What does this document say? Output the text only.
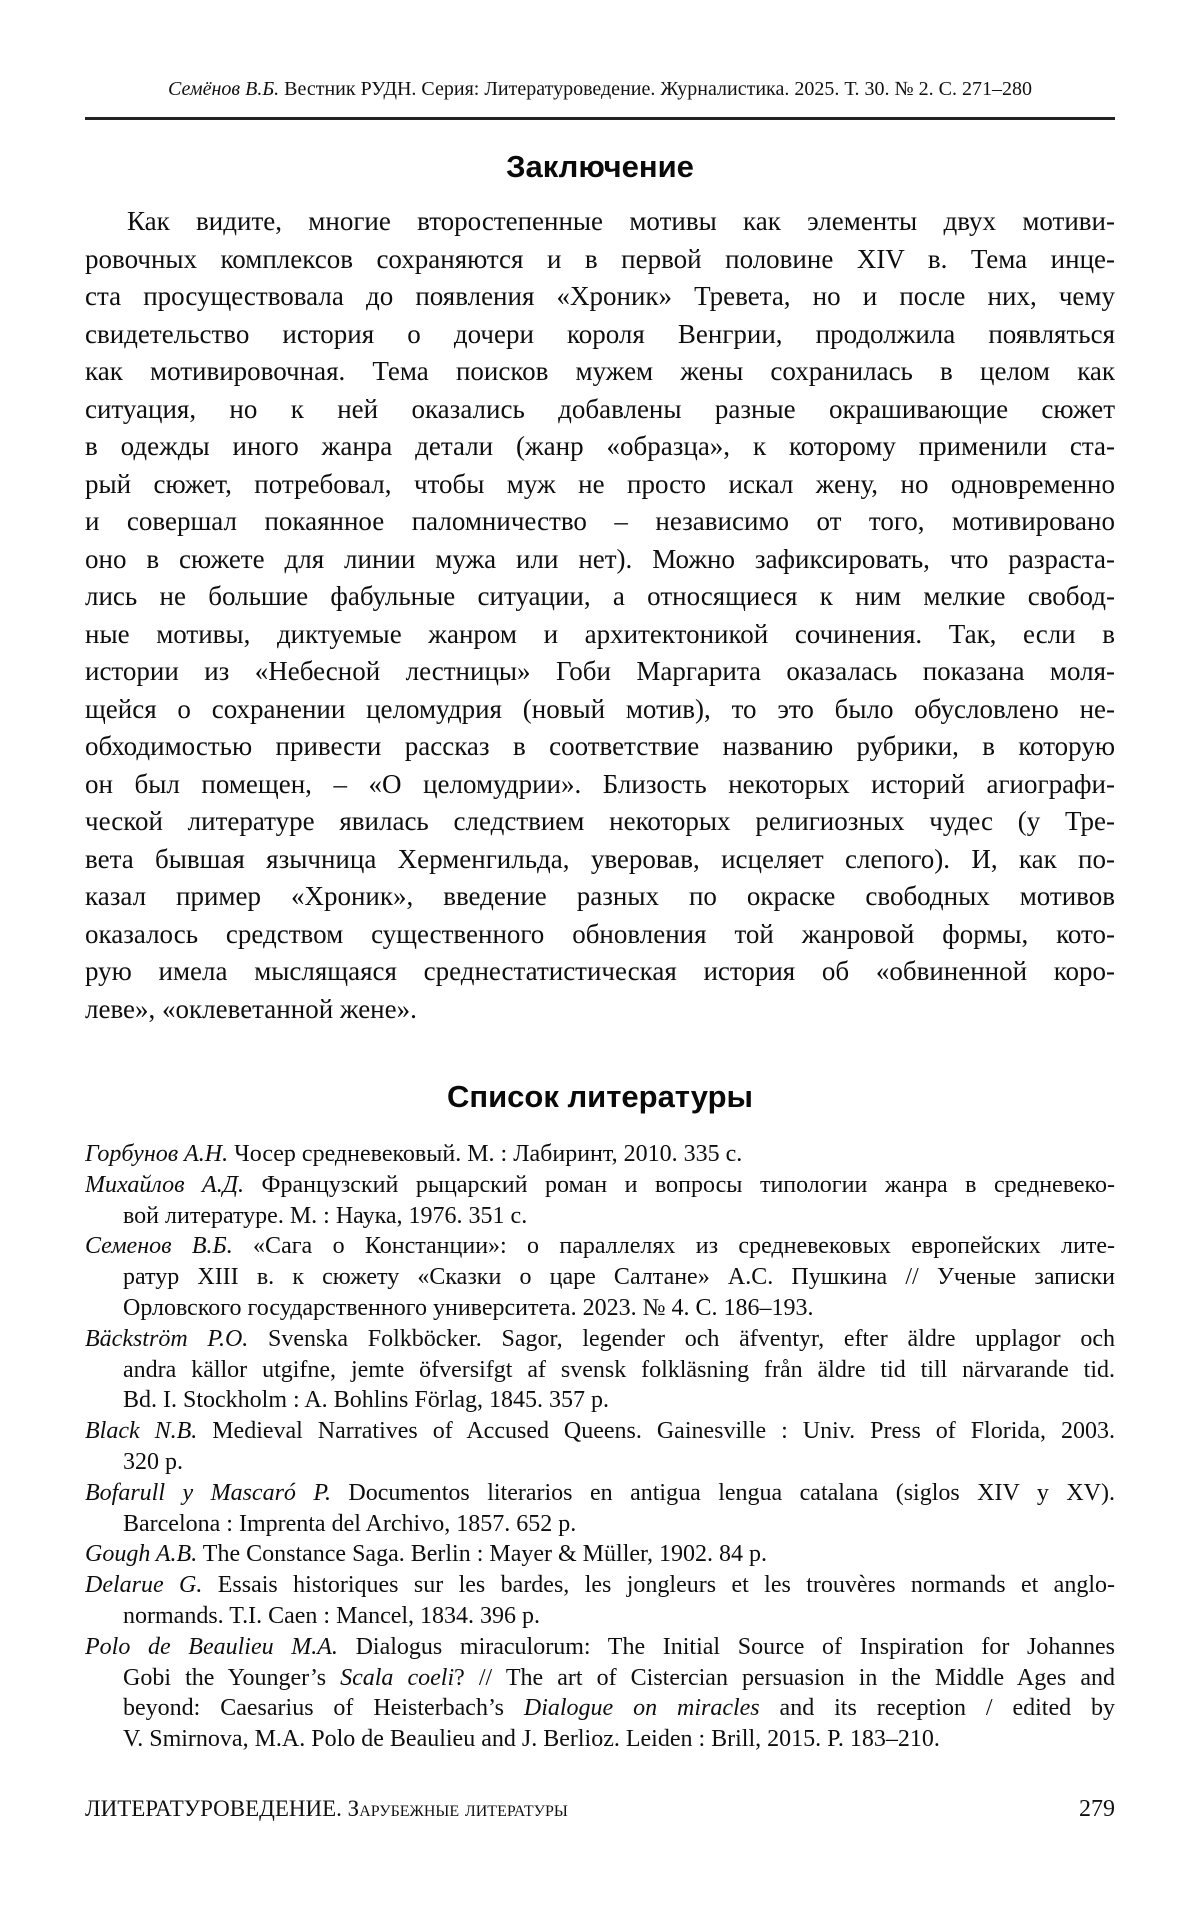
Семёнов В.Б. Вестник РУДН. Серия: Литературоведение. Журналистика. 2025. Т. 30. № 2. С. 271–280
Заключение
Как видите, многие второстепенные мотивы как элементы двух мотиви-
ровочных комплексов сохраняются и в первой половине XIV в. Тема инце-
ста просуществовала до появления «Хроник» Тревета, но и после них, чему
свидетельство история о дочери короля Венгрии, продолжила появляться
как мотивировочная. Тема поисков мужем жены сохранилась в целом как
ситуация, но к ней оказались добавлены разные окрашивающие сюжет
в одежды иного жанра детали (жанр «образца», к которому применили ста-
рый сюжет, потребовал, чтобы муж не просто искал жену, но одновременно
и совершал покаянное паломничество – независимо от того, мотивировано
оно в сюжете для линии мужа или нет). Можно зафиксировать, что разраста-
лись не большие фабульные ситуации, а относящиеся к ним мелкие свобод-
ные мотивы, диктуемые жанром и архитектоникой сочинения. Так, если в
истории из «Небесной лестницы» Гоби Маргарита оказалась показана моля-
щейся о сохранении целомудрия (новый мотив), то это было обусловлено не-
обходимостью привести рассказ в соответствие названию рубрики, в которую
он был помещен, – «О целомудрии». Близость некоторых историй агиографи-
ческой литературе явилась следствием некоторых религиозных чудес (у Тре-
вета бывшая язычница Херменгильда, уверовав, исцеляет слепого). И, как по-
казал пример «Хроник», введение разных по окраске свободных мотивов
оказалось средством существенного обновления той жанровой формы, кото-
рую имела мыслящаяся среднестатистическая история об «обвиненной коро-
леве», «оклеветанной жене».
Список литературы
Горбунов А.Н. Чосер средневековый. М. : Лабиринт, 2010. 335 с.
Михайлов А.Д. Французский рыцарский роман и вопросы типологии жанра в средневеко-
вой литературе. М. : Наука, 1976. 351 с.
Семенов В.Б. «Сага о Констанции»: о параллелях из средневековых европейских лите-
ратур XIII в. к сюжету «Сказки о царе Салтане» А.С. Пушкина // Ученые записки
Орловского государственного университета. 2023. № 4. С. 186–193.
Bäckström P.O. Svenska Folkböcker. Sagor, legender och äfventyr, efter äldre upplagor och
andra källor utgifne, jemte öfversifgt af svensk folkläsning från äldre tid till närvarande tid.
Bd. I. Stockholm : A. Bohlins Förlag, 1845. 357 p.
Black N.B. Medieval Narratives of Accused Queens. Gainesville : Univ. Press of Florida, 2003.
320 p.
Bofarull y Mascaró P. Documentos literarios en antigua lengua catalana (siglos XIV y XV).
Barcelona : Imprenta del Archivo, 1857. 652 p.
Gough A.B. The Constance Saga. Berlin : Mayer & Müller, 1902. 84 p.
Delarue G. Essais historiques sur les bardes, les jongleurs et les trouvères normands et anglo-
normands. T.I. Caen : Mancel, 1834. 396 p.
Polo de Beaulieu M.A. Dialogus miraculorum: The Initial Source of Inspiration for Johannes
Gobi the Younger’s Scala coeli? // The art of Cistercian persuasion in the Middle Ages and
beyond: Caesarius of Heisterbach’s Dialogue on miracles and its reception / edited by
V. Smirnova, M.A. Polo de Beaulieu and J. Berlioz. Leiden : Brill, 2015. P. 183–210.
ЛИТЕРАТУРОВЕДЕНИЕ. Зарубежные литературы	279
